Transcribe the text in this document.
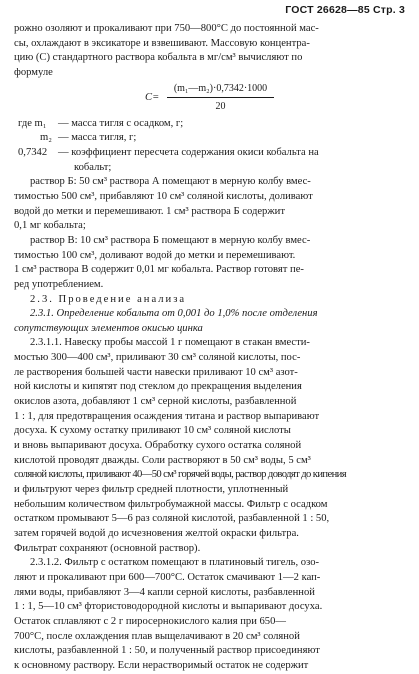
ГОСТ 26628—85 Стр. 3

рожно озоляют и прокаливают при 750—800°С до постоянной мас-

сы, охлаждают в эксикаторе и взвешивают. Массовую концентра-

цию (С) стандартного раствора кобальта в мг/см³ вычисляют по

формуле

С=
(m₁—m₂)·0,7342·1000
20
где m₁	— масса тигля с осадком, г;
m₂ — масса тигля, г;
0,7342	— коэффициент пересчета содержания окиси кобальта на
кобальт;

раствор Б: 50 см³ раствора А помещают в мерную колбу вмес-

тимостью 500 см³, прибавляют 10 см³ соляной кислоты, доливают

водой до метки и перемешивают. 1 см³ раствора Б содержит

0,1 мг кобальта;

раствор В: 10 см³ раствора Б помещают в мерную колбу вмес-

тимостью 100 см³, доливают водой до метки и перемешивают.

1 см³ раствора В содержит 0,01 мг кобальта. Раствор готовят пе-

ред употреблением.

2.3. Проведение анализа

2.3.1. Определение кобальта от 0,001 до 1,0% после отделения

сопутствующих элементов окисью цинка

2.3.1.1. Навеску пробы массой 1 г помещают в стакан вмести-

мостью 300—400 см³, приливают 30 см³ соляной кислоты, пос-

ле растворения большей части навески приливают 10 см³ азот-

ной кислоты и кипятят под стеклом до прекращения выделения

окислов азота, добавляют 1 см³ серной кислоты, разбавленной

1 : 1, для предотвращения осаждения титана и раствор выпаривают

досуха. К сухому остатку приливают 10 см³ соляной кислоты

и вновь выпаривают досуха. Обработку сухого остатка соляной

кислотой проводят дважды. Соли растворяют в 50 см³ воды, 5 см³

соляной кислоты, приливают 40—50 см³ горячей воды, раствор доводят до кипения

и фильтруют через фильтр средней плотности, уплотненный

небольшим количеством фильтробумажной массы. Фильтр с осадком

остатком промывают 5—6 раз соляной кислотой, разбавленной 1 : 50,

затем горячей водой до исчезновения желтой окраски фильтра.

Фильтрат сохраняют (основной раствор).

2.3.1.2. Фильтр с остатком помещают в платиновый тигель, озо-

ляют и прокаливают при 600—700°С. Остаток смачивают 1—2 кап-

лями воды, прибавляют 3—4 капли серной кислоты, разбавленной

1 : 1, 5—10 см³ фтористоводородной кислоты и выпаривают досуха.

Остаток сплавляют с 2 г пиросернокислого калия при 650—

700°С, после охлаждения плав выщелачивают в 20 см³ соляной

кислоты, разбавленной 1 : 50, и полученный раствор присоединяют

к основному раствору. Если нерастворимый остаток не содержит
